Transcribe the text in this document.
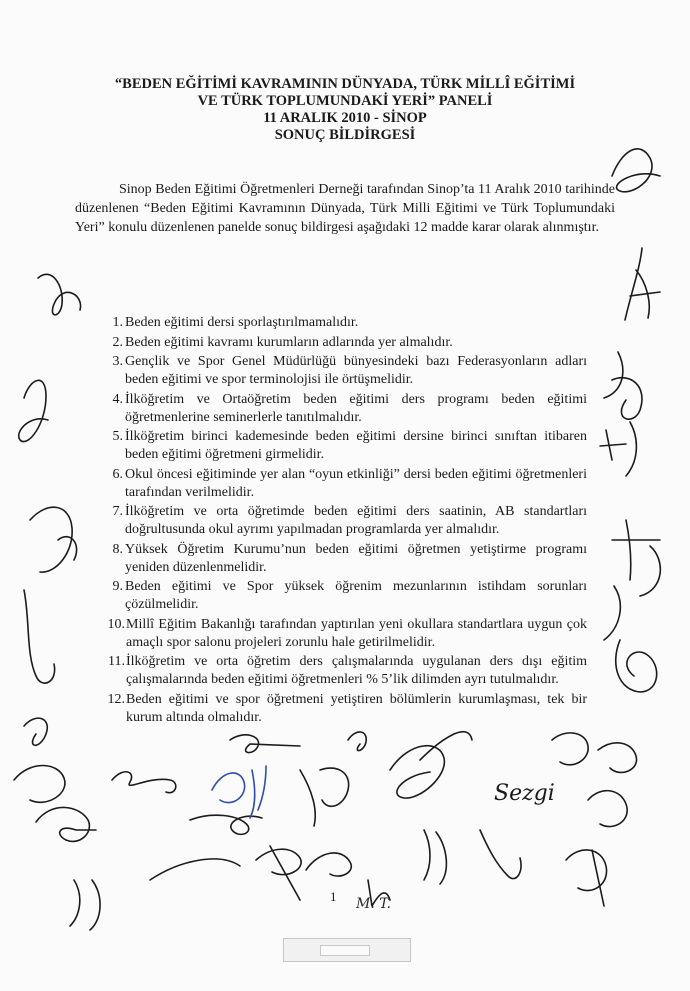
“BEDEN EĞİTİMİ KAVRAMININ DÜNYADA, TÜRK MİLLÎ EĞİTİMİ
VE TÜRK TOPLUMUNDAKİ YERİ” PANELİ
11 ARALIK 2010 - SİNOP
SONUÇ BİLDİRGESİ
Sinop Beden Eğitimi Öğretmenleri Derneği tarafından Sinop’ta 11 Aralık 2010 tarihinde düzenlenen “Beden Eğitimi Kavramının Dünyada, Türk Milli Eğitimi ve Türk Toplumundaki Yeri” konulu düzenlenen panelde sonuç bildirgesi aşağıdaki 12 madde karar olarak alınmıştır.
1. Beden eğitimi dersi sporlaştırılmamalıdır.
2. Beden eğitimi kavramı kurumların adlarında yer almalıdır.
3. Gençlik ve Spor Genel Müdürlüğü bünyesindeki bazı Federasyonların adları beden eğitimi ve spor terminolojisi ile örtüşmelidir.
4. İlköğretim ve Ortaöğretim beden eğitimi ders programı beden eğitimi öğretmenlerine seminerlerle tanıtılmalıdır.
5. İlköğretim birinci kademesinde beden eğitimi dersine birinci sınıftan itibaren beden eğitimi öğretmeni girmelidir.
6. Okul öncesi eğitiminde yer alan “oyun etkinliği” dersi beden eğitimi öğretmenleri tarafından verilmelidir.
7. İlköğretim ve orta öğretimde beden eğitimi ders saatinin, AB standartları doğrultusunda okul ayrımı yapılmadan programlarda yer almalıdır.
8. Yüksek Öğretim Kurumu’nun beden eğitimi öğretmen yetiştirme programı yeniden düzenlenmelidir.
9. Beden eğitimi ve Spor yüksek öğrenim mezunlarının istihdam sorunları çözülmelidir.
10. Millî Eğitim Bakanlığı tarafından yaptırılan yeni okullara standartlara uygun çok amaçlı spor salonu projeleri zorunlu hale getirilmelidir.
11. İlköğretim ve orta öğretim ders çalışmalarında uygulanan ders dışı eğitim çalışmalarında beden eğitimi öğretmenleri % 5’lik dilimden ayrı tutulmalıdır.
12. Beden eğitimi ve spor öğretmeni yetiştiren bölümlerin kurumlaşması, tek bir kurum altında olmalıdır.
1
Sezgi
M. T.
